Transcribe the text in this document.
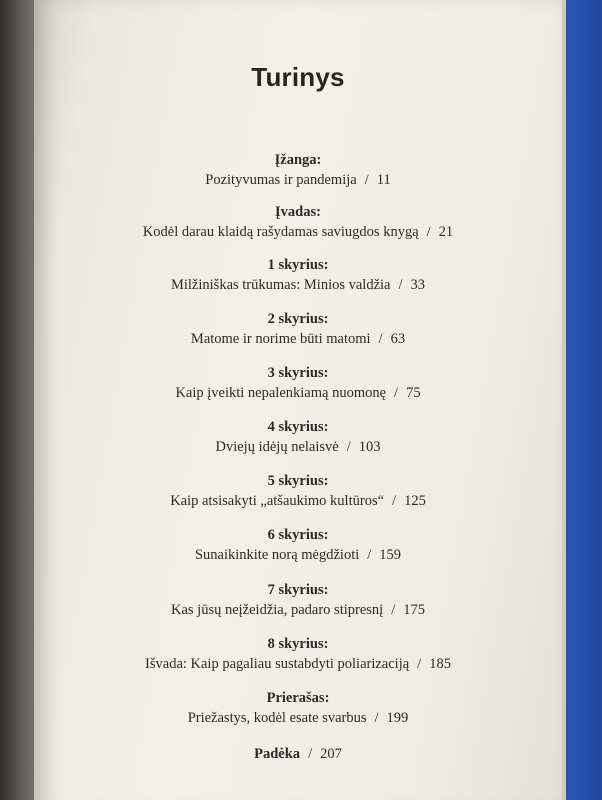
Turinys
Įžanga:
Pozityvumas ir pandemija / 11
Įvadas:
Kodėl darau klaidą rašydamas saviugdos knygą / 21
1 skyrius:
Milžiniškas trūkumas: Minios valdžia / 33
2 skyrius:
Matome ir norime būti matomi / 63
3 skyrius:
Kaip įveikti nepalenkiamą nuomonę / 75
4 skyrius:
Dviejų idėjų nelaisvė / 103
5 skyrius:
Kaip atsisakyti „atšaukimo kultūros“ / 125
6 skyrius:
Sunaikinkite norą mėgdžioti / 159
7 skyrius:
Kas jūsų neįžeidžia, padaro stipresnį / 175
8 skyrius:
Išvada: Kaip pagaliau sustabdyti poliarizaciją / 185
Prierašas:
Priežastys, kodėl esate svarbus / 199
Padėka / 207
